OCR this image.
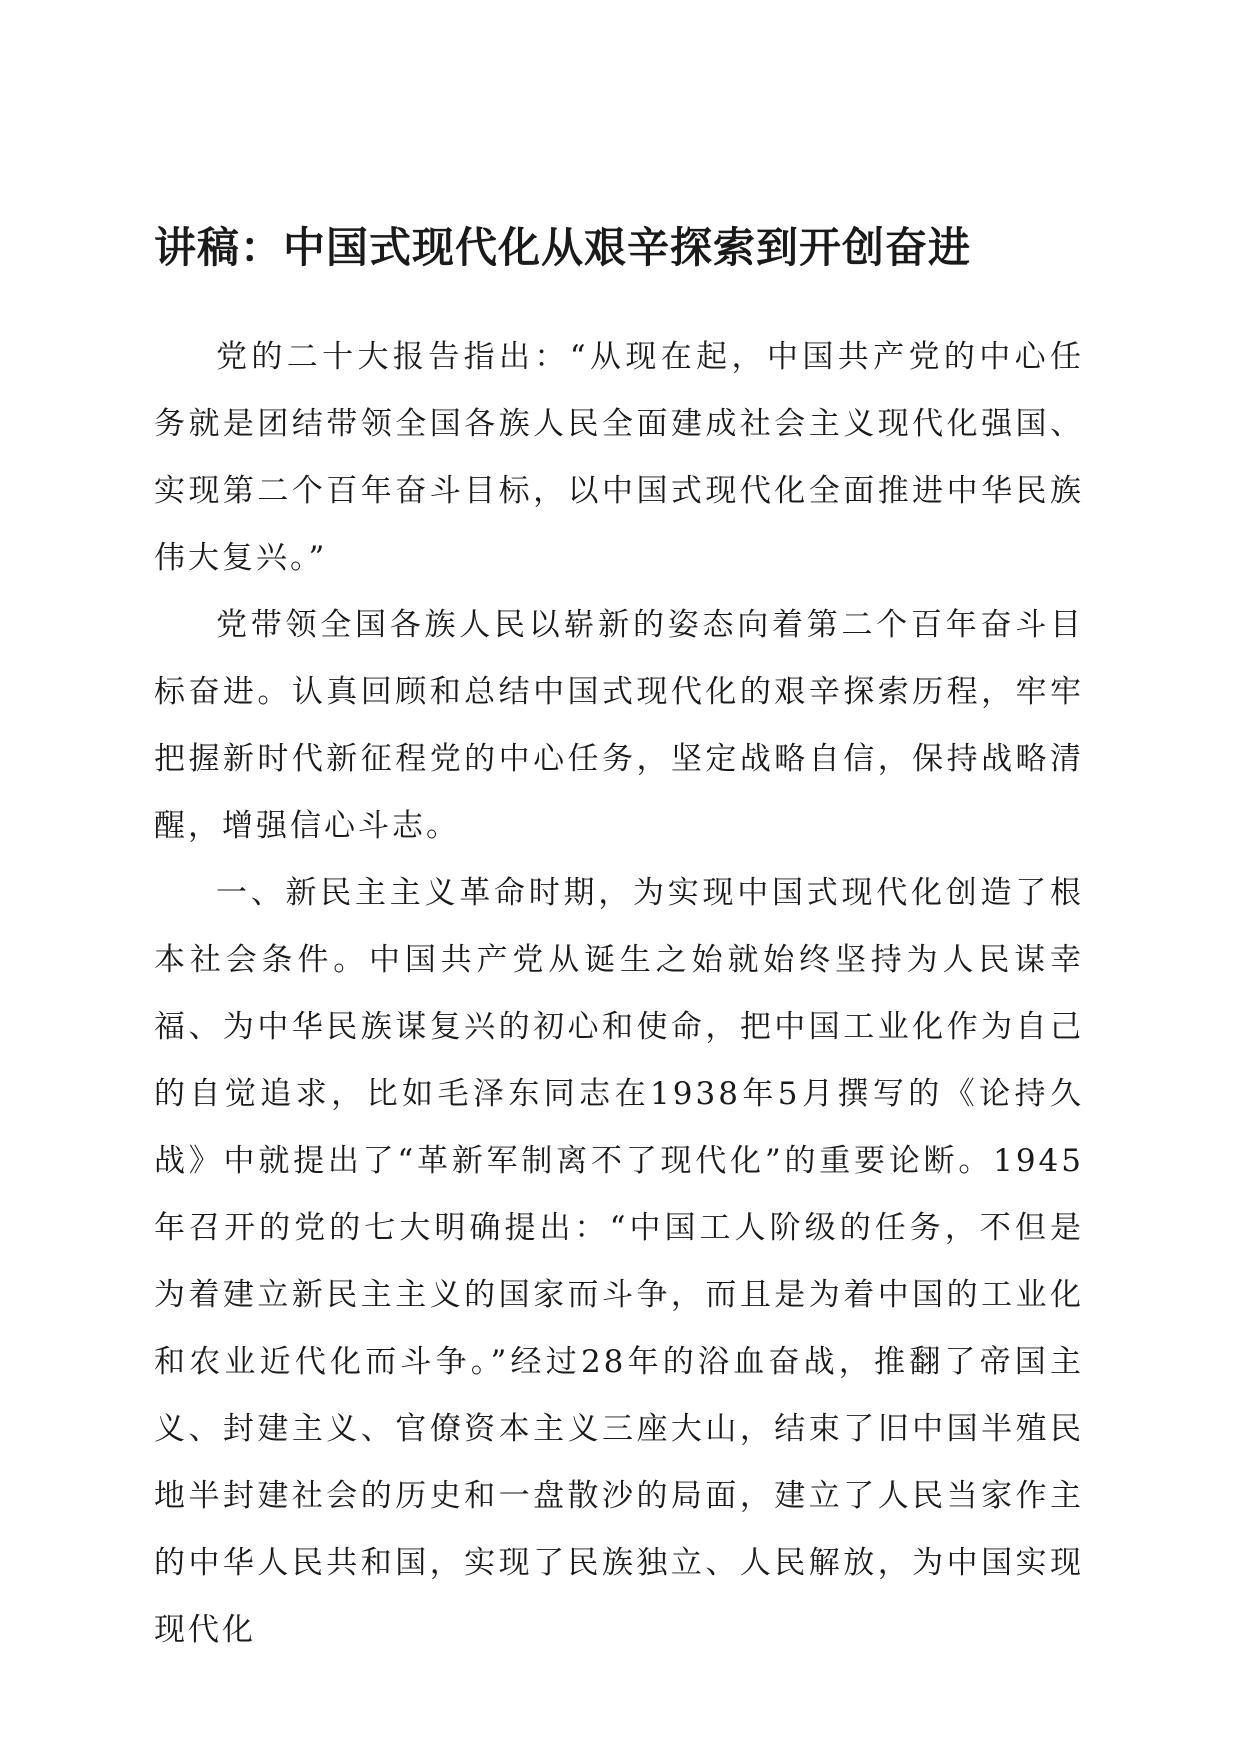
讲稿：中国式现代化从艰辛探索到开创奋进

党的二十大报告指出：“从现在起，中国共产党的中心任务就是团结带领全国各族人民全面建成社会主义现代化强国、实现第二个百年奋斗目标，以中国式现代化全面推进中华民族伟大复兴。”

党带领全国各族人民以崭新的姿态向着第二个百年奋斗目标奋进。认真回顾和总结中国式现代化的艰辛探索历程，牢牢把握新时代新征程党的中心任务，坚定战略自信，保持战略清醒，增强信心斗志。

一、新民主主义革命时期，为实现中国式现代化创造了根本社会条件。中国共产党从诞生之始就始终坚持为人民谋幸福、为中华民族谋复兴的初心和使命，把中国工业化作为自己的自觉追求，比如毛泽东同志在1938年5月撰写的《论持久战》中就提出了“革新军制离不了现代化”的重要论断。1945年召开的党的七大明确提出：“中国工人阶级的任务，不但是为着建立新民主主义的国家而斗争，而且是为着中国的工业化和农业近代化而斗争。”经过28年的浴血奋战，推翻了帝国主义、封建主义、官僚资本主义三座大山，结束了旧中国半殖民地半封建社会的历史和一盘散沙的局面，建立了人民当家作主的中华人民共和国，实现了民族独立、人民解放，为中国实现现代化
